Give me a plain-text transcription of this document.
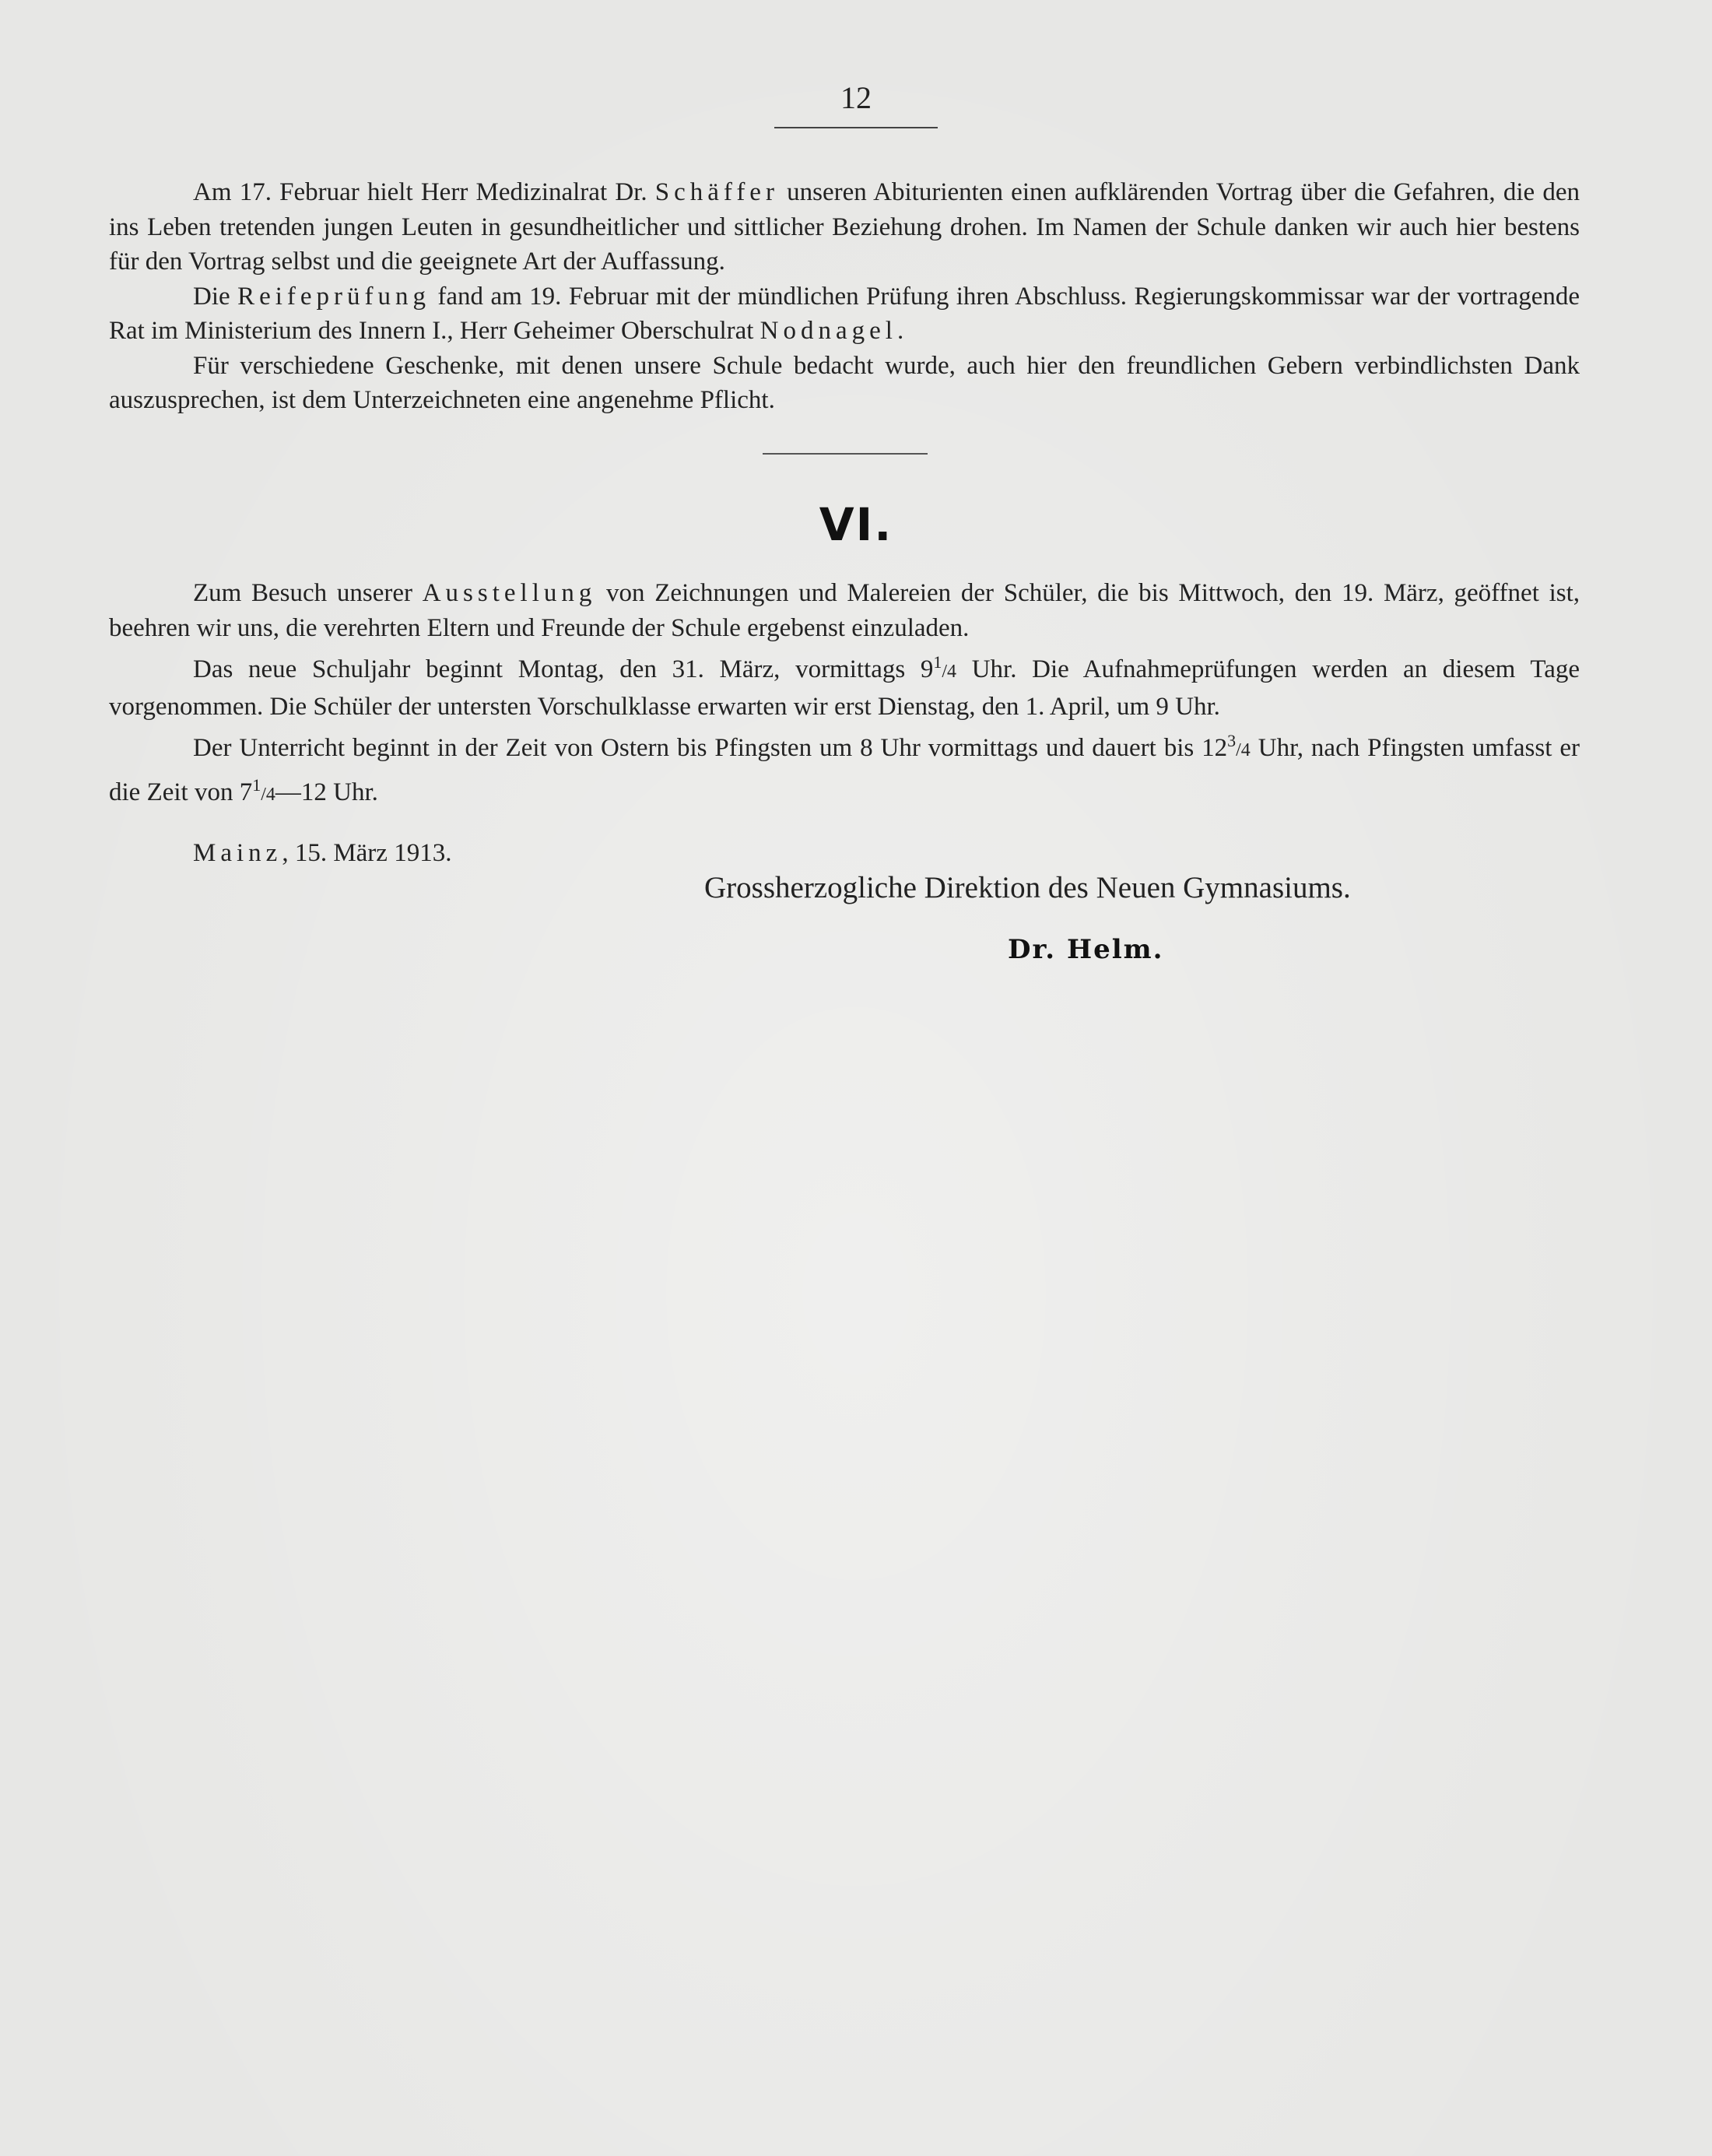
12

Am 17. Februar hielt Herr Medizinalrat Dr. Schäffer unseren Abiturienten einen aufklärenden Vortrag über die Gefahren, die den ins Leben tretenden jungen Leuten in gesundheitlicher und sittlicher Beziehung drohen. Im Namen der Schule danken wir auch hier bestens für den Vortrag selbst und die geeignete Art der Auffassung.

Die Reifeprüfung fand am 19. Februar mit der mündlichen Prüfung ihren Abschluss. Regierungskommissar war der vortragende Rat im Ministerium des Innern I., Herr Geheimer Oberschulrat Nodnagel.

Für verschiedene Geschenke, mit denen unsere Schule bedacht wurde, auch hier den freundlichen Gebern verbindlichsten Dank auszusprechen, ist dem Unterzeichneten eine angenehme Pflicht.

VI.

Zum Besuch unserer Ausstellung von Zeichnungen und Malereien der Schüler, die bis Mittwoch, den 19. März, geöffnet ist, beehren wir uns, die verehrten Eltern und Freunde der Schule ergebenst einzuladen.

Das neue Schuljahr beginnt Montag, den 31. März, vormittags $9^1/4$ Uhr. Die Aufnahmeprüfungen werden an diesem Tage vorgenommen. Die Schüler der untersten Vorschulklasse erwarten wir erst Dienstag, den 1. April, um 9 Uhr.

Der Unterricht beginnt in der Zeit von Ostern bis Pfingsten um 8 Uhr vormittags und dauert bis $12^3/4$ Uhr, nach Pfingsten umfasst er die Zeit von $7^1/4—12$ Uhr.

Mainz, 15. März 1913.
Grossherzogliche Direktion des Neuen Gymnasiums.
Dr. Helm.
